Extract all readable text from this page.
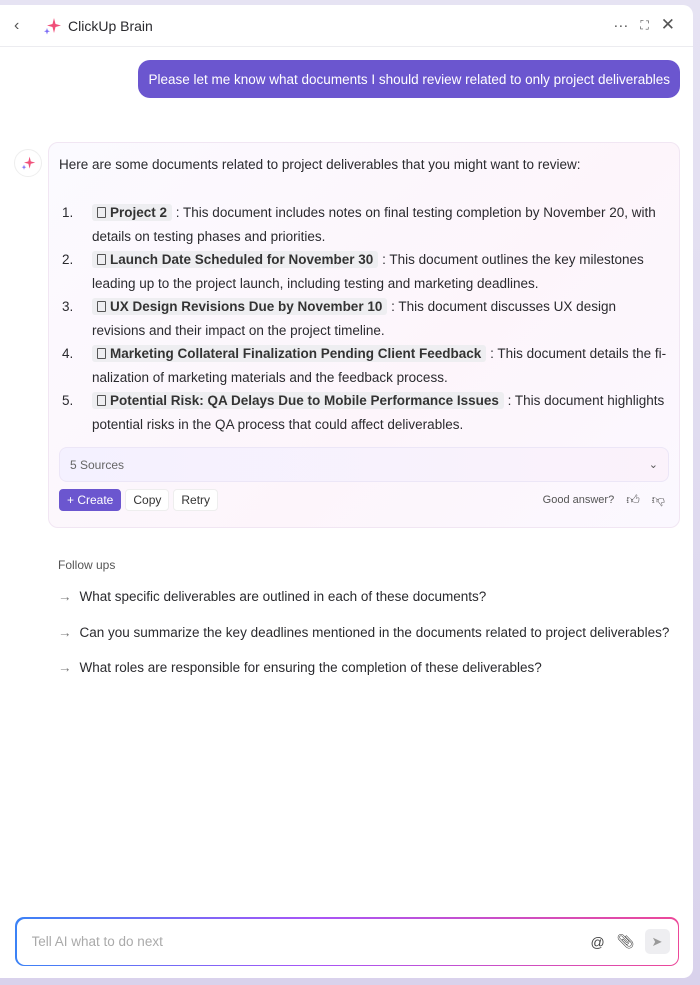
‹	ClickUp Brain	··· ⛶ ✕
Please let me know what documents I should review related to only project deliverables
Here are some documents related to project deliverables that you might want to review:
1.	Project 2 : This document includes notes on final testing completion by November 20, with details on testing phases and priorities.
2.	Launch Date Scheduled for November 30 : This document outlines the key milestones leading up to the project launch, including testing and marketing deadlines.
3.	UX Design Revisions Due by November 10 : This document discusses UX design revisions and their impact on the project timeline.
4.	Marketing Collateral Finalization Pending Client Feedback : This document details the fi-nalization of marketing materials and the feedback process.
5.	Potential Risk: QA Delays Due to Mobile Performance Issues : This document highlights potential risks in the QA process that could affect deliverables.
5 Sources	⌄
+ Create	Copy	Retry	Good answer? 👍︎ 👎︎
Follow ups
→ What specific deliverables are outlined in each of these documents?
→ Can you summarize the key deadlines mentioned in the documents related to project deliverables?
→ What roles are responsible for ensuring the completion of these deliverables?
Tell AI what to do next
@ 📎︎ ➤
